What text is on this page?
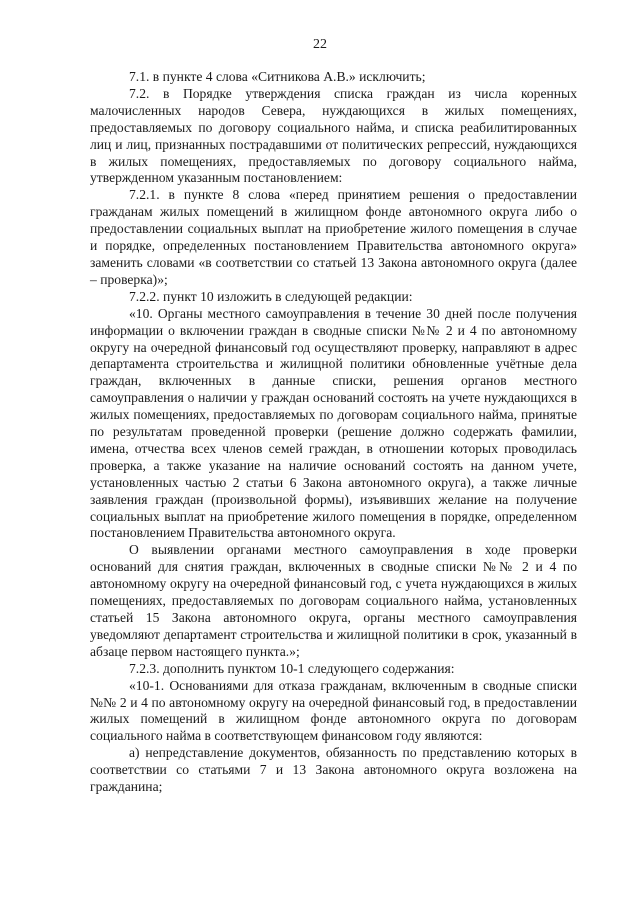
22

7.1. в пункте 4 слова «Ситникова А.В.» исключить;

7.2. в Порядке утверждения списка граждан из числа коренных малочисленных народов Севера, нуждающихся в жилых помещениях, предоставляемых по договору социального найма, и списка реабилитированных лиц и лиц, признанных пострадавшими от политических репрессий, нуждающихся в жилых помещениях, предоставляемых по договору социального найма, утвержденном указанным постановлением:

7.2.1. в пункте 8 слова «перед принятием решения о предоставлении гражданам жилых помещений в жилищном фонде автономного округа либо о предоставлении социальных выплат на приобретение жилого помещения в случае и порядке, определенных постановлением Правительства автономного округа» заменить словами «в соответствии со статьей 13 Закона автономного округа (далее – проверка)»;

7.2.2. пункт 10 изложить в следующей редакции:

«10. Органы местного самоуправления в течение 30 дней после получения информации о включении граждан в сводные списки №№ 2 и 4 по автономному округу на очередной финансовый год осуществляют проверку, направляют в адрес департамента строительства и жилищной политики обновленные учётные дела граждан, включенных в данные списки, решения органов местного самоуправления о наличии у граждан оснований состоять на учете нуждающихся в жилых помещениях, предоставляемых по договорам социального найма, принятые по результатам проведенной проверки (решение должно содержать фамилии, имена, отчества всех членов семей граждан, в отношении которых проводилась проверка, а также указание на наличие оснований состоять на данном учете, установленных частью 2 статьи 6 Закона автономного округа), а также личные заявления граждан (произвольной формы), изъявивших желание на получение социальных выплат на приобретение жилого помещения в порядке, определенном постановлением Правительства автономного округа.

О выявлении органами местного самоуправления в ходе проверки оснований для снятия граждан, включенных в сводные списки №№ 2 и 4 по автономному округу на очередной финансовый год, с учета нуждающихся в жилых помещениях, предоставляемых по договорам социального найма, установленных статьей 15 Закона автономного округа, органы местного самоуправления уведомляют департамент строительства и жилищной политики в срок, указанный в абзаце первом настоящего пункта.»;

7.2.3. дополнить пунктом 10-1 следующего содержания:

«10-1. Основаниями для отказа гражданам, включенным в сводные списки №№ 2 и 4 по автономному округу на очередной финансовый год, в предоставлении жилых помещений в жилищном фонде автономного округа по договорам социального найма в соответствующем финансовом году являются:

а) непредставление документов, обязанность по представлению которых в соответствии со статьями 7 и 13 Закона автономного округа возложена на гражданина;
